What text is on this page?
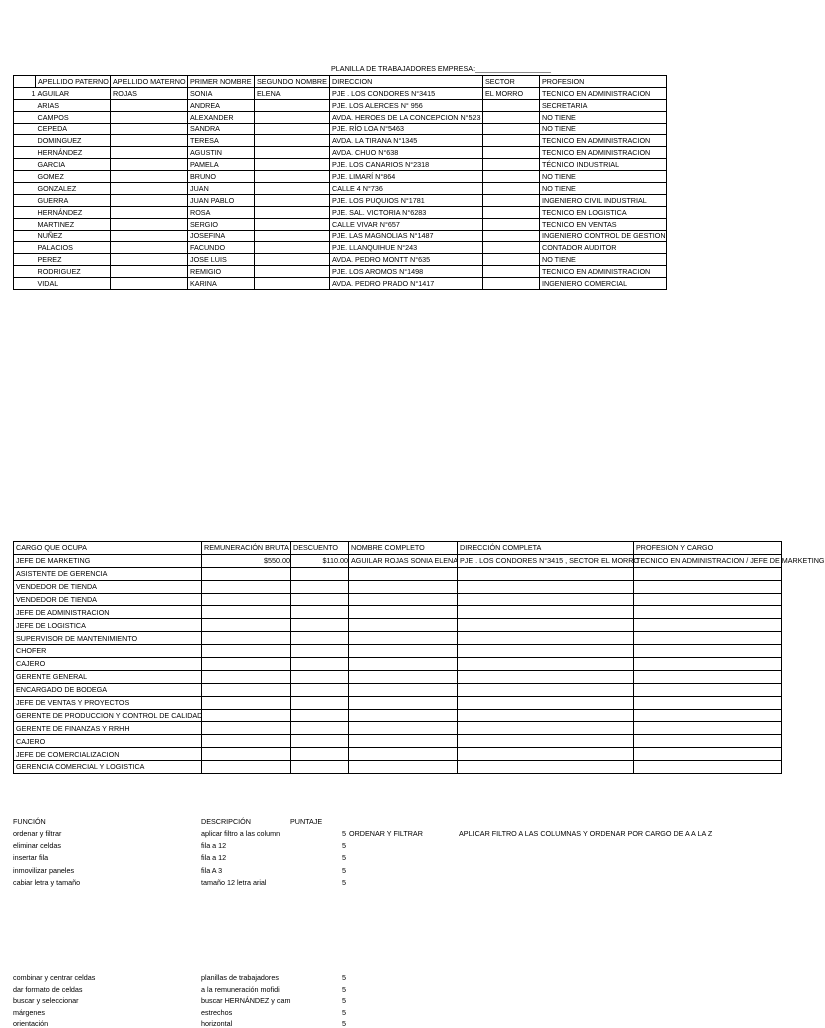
PLANILLA DE TRABAJADORES EMPRESA:___________________
	APELLIDO PATERNO	APELLIDO MATERNO	PRIMER NOMBRE	SEGUNDO NOMBRE	DIRECCION	SECTOR	PROFESION
1	AGUILAR	ROJAS	SONIA	ELENA	PJE . LOS CONDORES N°3415	EL MORRO	TECNICO EN ADMINISTRACION
	ARIAS		ANDREA		PJE. LOS ALERCES N° 956		SECRETARIA
	CAMPOS		ALEXANDER		AVDA. HEROES DE LA CONCEPCION N°523		NO TIENE
	CEPEDA		SANDRA		PJE. RÍO LOA N°5463		NO TIENE
	DOMINGUEZ		TERESA		AVDA. LA TIRANA N°1345		TECNICO EN ADMINISTRACION
	HERNÁNDEZ		AGUSTIN		AVDA. CHUO N°638		TECNICO EN ADMINISTRACION
	GARCIA		PAMELA		PJE. LOS CANARIOS N°2318		TÉCNICO INDUSTRIAL
	GOMEZ		BRUNO		PJE. LIMARÍ N°864		NO TIENE
	GONZALEZ		JUAN		CALLE 4 N°736		NO TIENE
	GUERRA		JUAN PABLO		PJE. LOS PUQUIOS N°1781		INGENIERO CIVIL INDUSTRIAL
	HERNÁNDEZ		ROSA		PJE. SAL. VICTORIA N°6283		TECNICO EN LOGISTICA
	MARTINEZ		SERGIO		CALLE VIVAR N°657		TECNICO EN VENTAS
	NUÑEZ		JOSEFINA		PJE. LAS MAGNOLIAS N°1487		INGENIERO CONTROL DE GESTION
	PALACIOS		FACUNDO		PJE. LLANQUIHUE N°243		CONTADOR AUDITOR
	PEREZ		JOSE LUIS		AVDA. PEDRO MONTT N°635		NO TIENE
	RODRIGUEZ		REMIGIO		PJE. LOS AROMOS N°1498		TECNICO EN ADMINISTRACION
	VIDAL		KARINA		AVDA. PEDRO PRADO N°1417		INGENIERO COMERCIAL
CARGO QUE OCUPA	REMUNERACIÓN BRUTA	DESCUENTO	NOMBRE COMPLETO	DIRECCIÓN COMPLETA	PROFESION Y CARGO
JEFE DE MARKETING	$550.00	$110.00	AGUILAR ROJAS SONIA ELENA	PJE . LOS CONDORES N°3415 , SECTOR EL MORRO	TECNICO EN ADMINISTRACION / JEFE DE MARKETING
ASISTENTE DE GERENCIA					
VENDEDOR DE TIENDA					
VENDEDOR DE TIENDA					
JEFE DE ADMINISTRACION					
JEFE DE LOGISTICA					
SUPERVISOR DE MANTENIMIENTO					
CHOFER					
CAJERO					
GERENTE GENERAL					
ENCARGADO DE BODEGA					
JEFE DE VENTAS Y PROYECTOS					
GERENTE DE PRODUCCION Y CONTROL DE CALIDAD					
GERENTE DE FINANZAS Y RRHH					
CAJERO					
JEFE DE COMERCIALIZACION					
GERENCIA COMERCIAL Y LOGISTICA					
FUNCIÓN	DESCRIPCIÓN	PUNTAJE
ordenar y filtrar	aplicar filtro a las column	5 ORDENAR Y FILTRAR	APLICAR FILTRO A LAS COLUMNAS Y ORDENAR POR CARGO DE A A LA Z
eliminar celdas	fila a 12	5
insertar fila	fila a 12	5
inmovilizar paneles	fila A 3	5
cabiar letra y tamaño	tamaño 12 letra arial	5
combinar y centrar celdas	planillas de trabajadores	5
dar formato de celdas	a la remuneración mofidi	5
buscar y seleccionar	buscar HERNÁNDEZ y cam	5
márgenes	estrechos	5
orientación	horizontal	5
